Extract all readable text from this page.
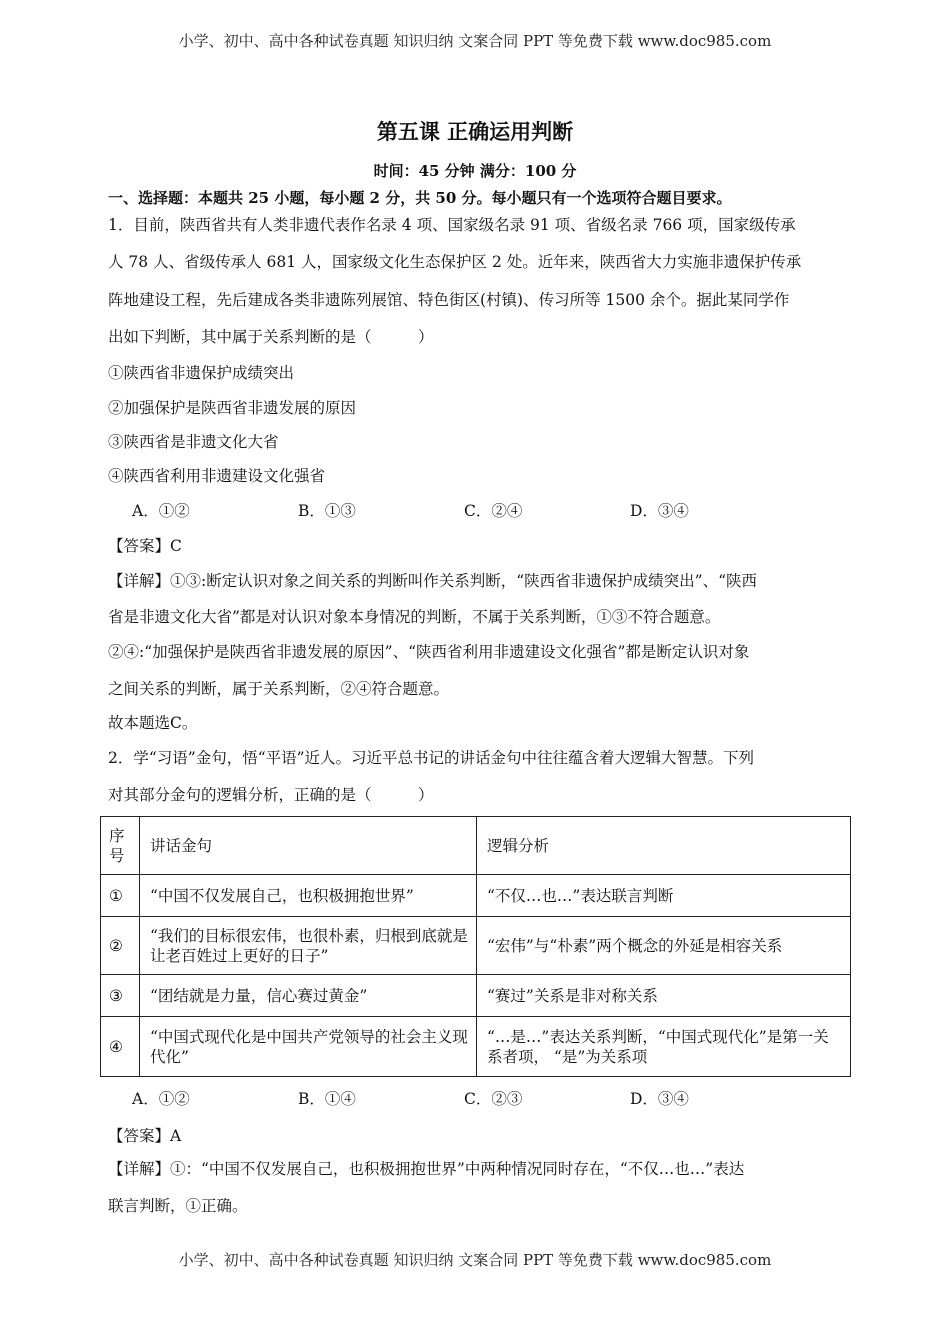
小学、初中、高中各种试卷真题 知识归纳 文案合同 PPT 等免费下载 www.doc985.com
第五课 正确运用判断
时间：45 分钟 满分：100 分
一、选择题：本题共 25 小题，每小题 2 分，共 50 分。每小题只有一个选项符合题目要求。
1．目前，陕西省共有人类非遗代表作名录 4 项、国家级名录 91 项、省级名录 766 项，国家级传承
人 78 人、省级传承人 681 人，国家级文化生态保护区 2 处。近年来，陕西省大力实施非遗保护传承
阵地建设工程，先后建成各类非遗陈列展馆、特色街区(村镇)、传习所等 1500 余个。据此某同学作
出如下判断，其中属于关系判断的是（　　　）
①陕西省非遗保护成绩突出
②加强保护是陕西省非遗发展的原因
③陕西省是非遗文化大省
④陕西省利用非遗建设文化强省
A．①②	B．①③	C．②④	D．③④
【答案】C
【详解】①③:断定认识对象之间关系的判断叫作关系判断，“陕西省非遗保护成绩突出”、“陕西
省是非遗文化大省”都是对认识对象本身情况的判断，不属于关系判断，①③不符合题意。
②④:“加强保护是陕西省非遗发展的原因”、“陕西省利用非遗建设文化强省”都是断定认识对象
之间关系的判断，属于关系判断，②④符合题意。
故本题选C。
2．学“习语”金句，悟“平语”近人。习近平总书记的讲话金句中往往蕴含着大逻辑大智慧。下列
对其部分金句的逻辑分析，正确的是（　　　）
序号	讲话金句	逻辑分析
①	“中国不仅发展自己，也积极拥抱世界”	“不仅…也…”表达联言判断
②	“我们的目标很宏伟，也很朴素，归根到底就是让老百姓过上更好的日子”	“宏伟”与“朴素”两个概念的外延是相容关系
③	“团结就是力量，信心赛过黄金”	“赛过”关系是非对称关系
④	“中国式现代化是中国共产党领导的社会主义现代化”	“…是…”表达关系判断，“中国式现代化”是第一关系者项， “是”为关系项
A．①②	B．①④	C．②③	D．③④
【答案】A
【详解】①：“中国不仅发展自己，也积极拥抱世界”中两种情况同时存在，“不仅…也…”表达
联言判断，①正确。
小学、初中、高中各种试卷真题 知识归纳 文案合同 PPT 等免费下载 www.doc985.com
